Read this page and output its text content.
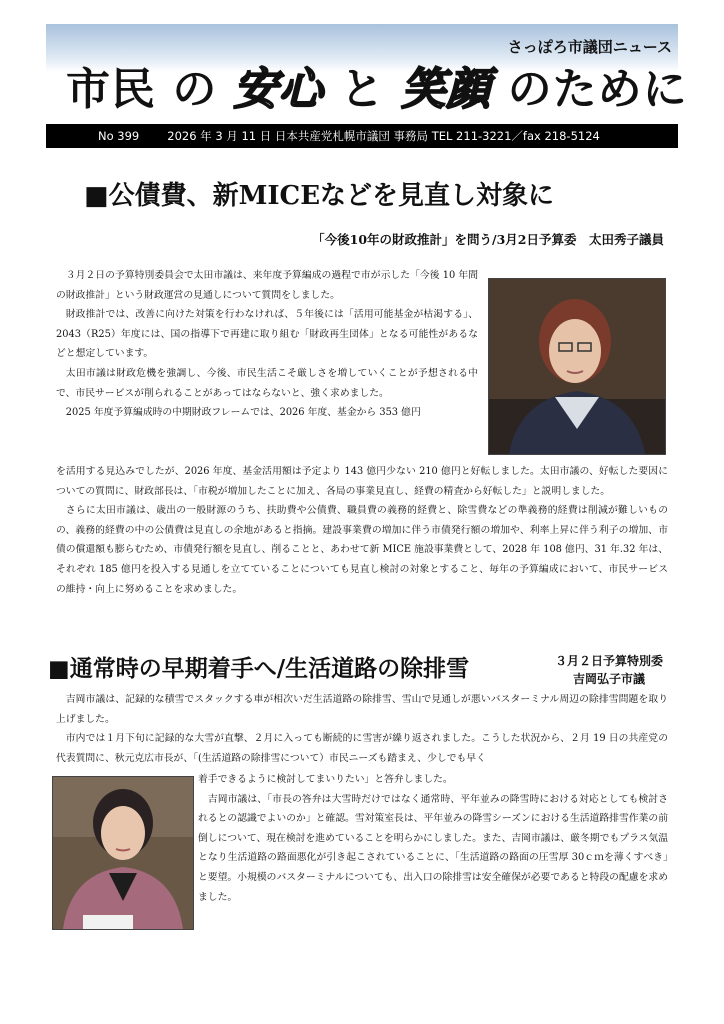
さっぽろ市議団ニュース
市民 の 安心 と 笑顔 のために
No 399 2026 年 3 月 11 日 日本共産党札幌市議団 事務局 TEL 211-3221／fax 218-5124
■公債費、新MICEなどを見直し対象に
「今後10年の財政推計」を問う/3月2日予算委　太田秀子議員

３月２日の予算特別委員会で太田市議は、来年度予算編成の過程で市が示した「今後 10 年間の財政推計」という財政運営の見通しについて質問をしました。

財政推計では、改善に向けた対策を行わなければ、５年後には「活用可能基金が枯渇する」、2043（R25）年度には、国の指導下で再建に取り組む「財政再生団体」となる可能性があるなどと想定しています。

太田市議は財政危機を強調し、今後、市民生活こそ厳しさを増していくことが予想される中で、市民サービスが削られることがあってはならないと、強く求めました。

2025 年度予算編成時の中期財政フレームでは、2026 年度、基金から 353 億円

を活用する見込みでしたが、2026 年度、基金活用額は予定より 143 億円少ない 210 億円と好転しました。太田市議の、好転した要因についての質問に、財政部長は、「市税が増加したことに加え、各局の事業見直し、経費の精査から好転した」と説明しました。

さらに太田市議は、歳出の一般財源のうち、扶助費や公債費、職員費の義務的経費と、除雪費などの準義務的経費は削減が難しいものの、義務的経費の中の公債費は見直しの余地があると指摘。建設事業費の増加に伴う市債発行額の増加や、利率上昇に伴う利子の増加、市債の償還額も膨らむため、市債発行額を見直し、削ることと、あわせて新 MICE 施設事業費として、2028 年 108 億円、31 年.32 年は、それぞれ 185 億円を投入する見通しを立てていることについても見直し検討の対象とすること、毎年の予算編成において、市民サービスの維持・向上に努めることを求めました。

■通常時の早期着手へ/生活道路の除排雪	３月２日予算特別委
吉岡弘子市議

吉岡市議は、記録的な積雪でスタックする車が相次いだ生活道路の除排雪、雪山で見通しが悪いバスターミナル周辺の除排雪問題を取り上げました。

市内では１月下旬に記録的な大雪が直撃、２月に入っても断続的に雪害が繰り返されました。こうした状況から、２月 19 日の共産党の代表質問に、秋元克広市長が、「(生活道路の除排雪について）市民ニーズも踏まえ、少しでも早く

着手できるように検討してまいりたい」と答弁しました。

吉岡市議は、「市長の答弁は大雪時だけではなく通常時、平年並みの降雪時における対応としても検討されるとの認識でよいのか」と確認。雪対策室長は、平年並みの降雪シーズンにおける生活道路排雪作業の前倒しについて、現在検討を進めていることを明らかにしました。また、吉岡市議は、厳冬期でもプラス気温となり生活道路の路面悪化が引き起こされていることに、「生活道路の路面の圧雪厚 30ｃｍを薄くすべき」と要望。小規模のバスターミナルについても、出入口の除排雪は安全確保が必要であると特段の配慮を求めました。
